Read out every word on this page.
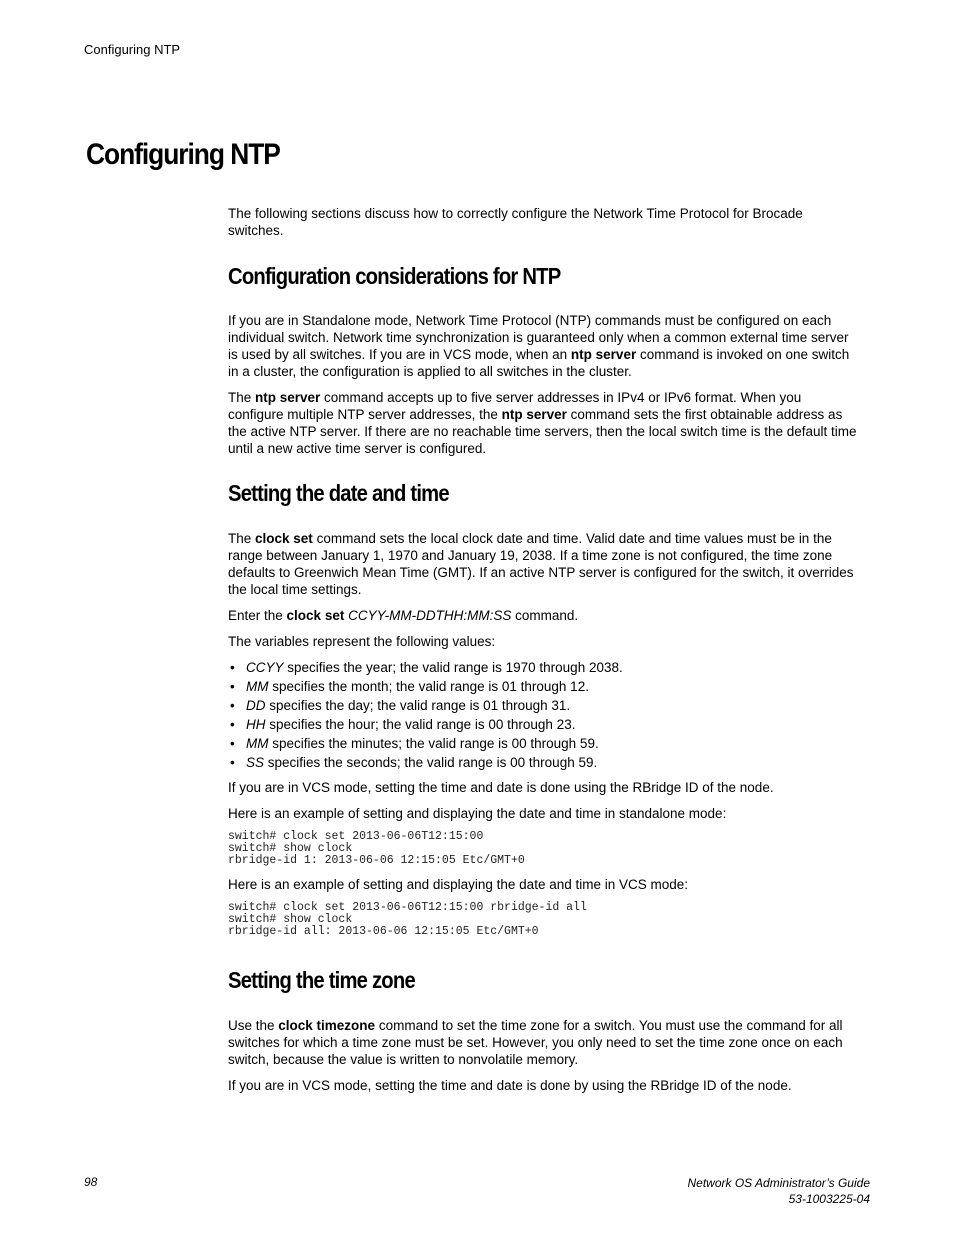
Configuring NTP
Configuring NTP

The following sections discuss how to correctly configure the Network Time Protocol for Brocade switches.

Configuration considerations for NTP

If you are in Standalone mode, Network Time Protocol (NTP) commands must be configured on each individual switch. Network time synchronization is guaranteed only when a common external time server is used by all switches. If you are in VCS mode, when an ntp server command is invoked on one switch in a cluster, the configuration is applied to all switches in the cluster.

The ntp server command accepts up to five server addresses in IPv4 or IPv6 format. When you configure multiple NTP server addresses, the ntp server command sets the first obtainable address as the active NTP server. If there are no reachable time servers, then the local switch time is the default time until a new active time server is configured.

Setting the date and time

The clock set command sets the local clock date and time. Valid date and time values must be in the range between January 1, 1970 and January 19, 2038. If a time zone is not configured, the time zone defaults to Greenwich Mean Time (GMT). If an active NTP server is configured for the switch, it overrides the local time settings.

Enter the clock set CCYY-MM-DDTHH:MM:SS command.

The variables represent the following values:

• CCYY specifies the year; the valid range is 1970 through 2038.
• MM specifies the month; the valid range is 01 through 12.
• DD specifies the day; the valid range is 01 through 31.
• HH specifies the hour; the valid range is 00 through 23.
• MM specifies the minutes; the valid range is 00 through 59.
• SS specifies the seconds; the valid range is 00 through 59.

If you are in VCS mode, setting the time and date is done using the RBridge ID of the node.

Here is an example of setting and displaying the date and time in standalone mode:

switch# clock set 2013-06-06T12:15:00
switch# show clock
rbridge-id 1: 2013-06-06 12:15:05 Etc/GMT+0

Here is an example of setting and displaying the date and time in VCS mode:

switch# clock set 2013-06-06T12:15:00 rbridge-id all
switch# show clock
rbridge-id all: 2013-06-06 12:15:05 Etc/GMT+0
Setting the time zone

Use the clock timezone command to set the time zone for a switch. You must use the command for all switches for which a time zone must be set. However, you only need to set the time zone once on each switch, because the value is written to nonvolatile memory.

If you are in VCS mode, setting the time and date is done by using the RBridge ID of the node.

98	Network OS Administrator’s Guide
53-1003225-04
